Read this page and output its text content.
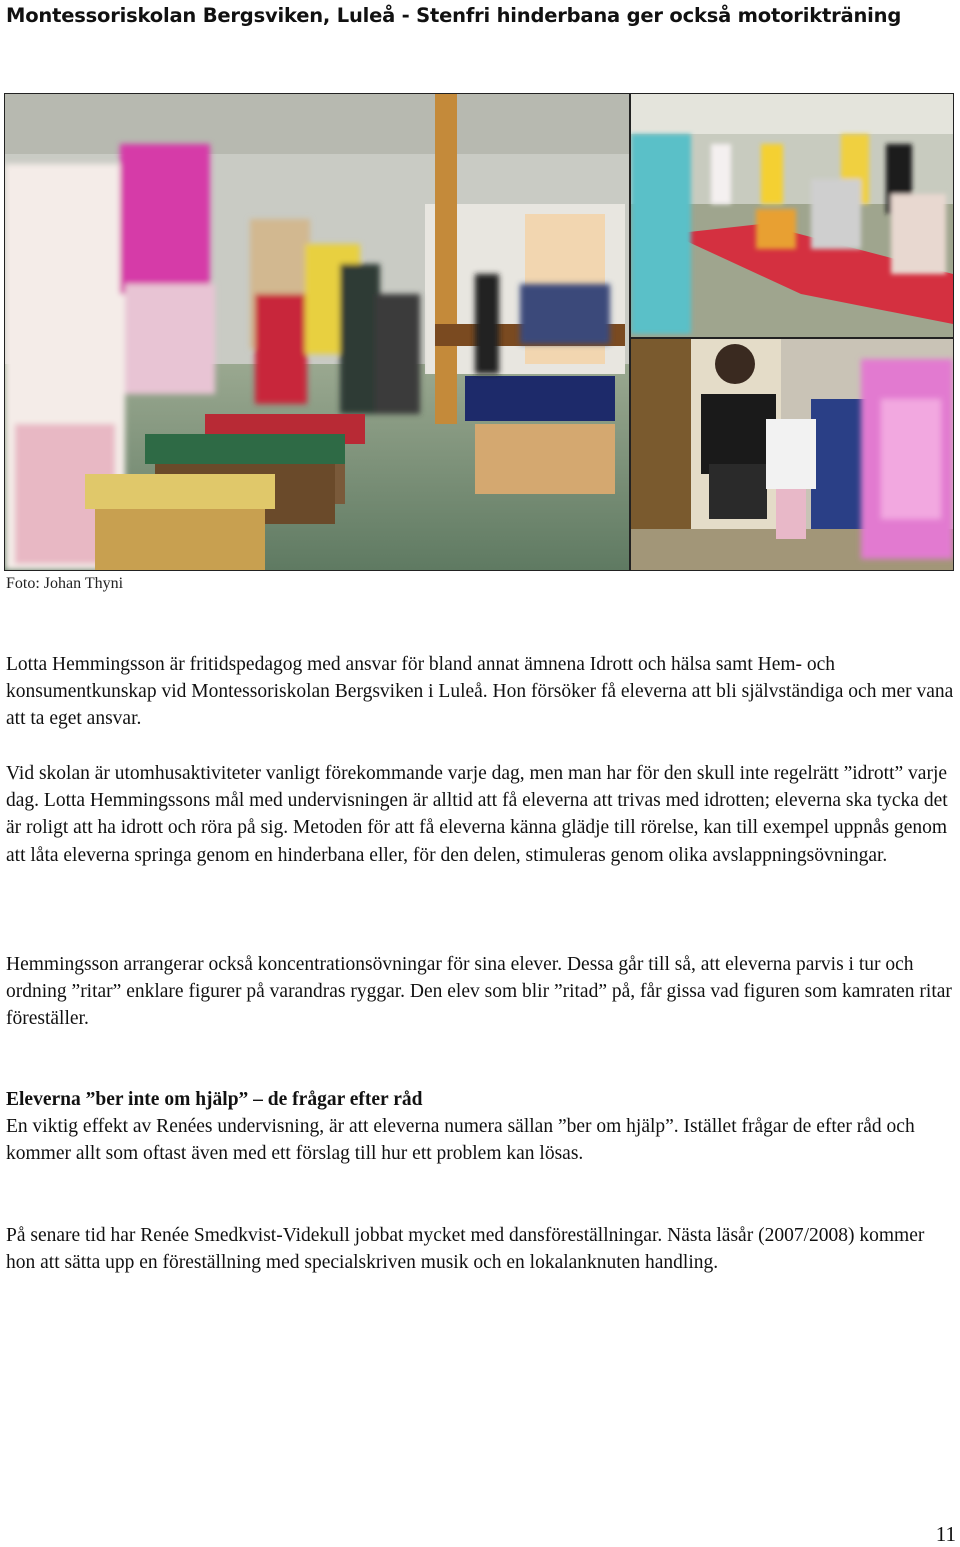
Montessoriskolan Bergsviken, Luleå - Stenfri hinderbana ger också motorikträning
Foto: Johan Thyni

Lotta Hemmingsson är fritidspedagog med ansvar för bland annat ämnena Idrott och hälsa samt Hem- och konsumentkunskap vid Montessoriskolan Bergsviken i Luleå. Hon försöker få eleverna att bli självständiga och mer vana att ta eget ansvar.

Vid skolan är utomhusaktiviteter vanligt förekommande varje dag, men man har för den skull inte regelrätt ”idrott” varje dag. Lotta Hemmingssons mål med undervisningen är alltid att få eleverna att trivas med idrotten; eleverna ska tycka det är roligt att ha idrott och röra på sig. Metoden för att få eleverna känna glädje till rörelse, kan till exempel uppnås genom att låta eleverna springa genom en hinderbana eller, för den delen, stimuleras genom olika avslappningsövningar.

Hemmingsson arrangerar också koncentrationsövningar för sina elever. Dessa går till så, att eleverna parvis i tur och ordning ”ritar” enklare figurer på varandras ryggar. Den elev som blir ”ritad” på, får gissa vad figuren som kamraten ritar föreställer.

Eleverna ”ber inte om hjälp” – de frågar efter råd
En viktig effekt av Renées undervisning, är att eleverna numera sällan ”ber om hjälp”. Istället frågar de efter råd och kommer allt som oftast även med ett förslag till hur ett problem kan lösas.

På senare tid har Renée Smedkvist-Videkull jobbat mycket med dansföreställningar. Nästa läsår (2007/2008) kommer hon att sätta upp en föreställning med specialskriven musik och en lokalanknuten handling.

11
